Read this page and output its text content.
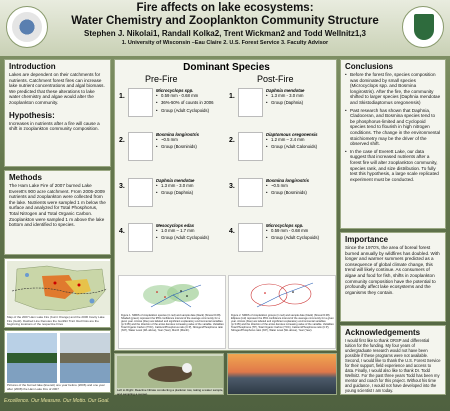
Fire affects on lake ecosystems:
Water Chemistry and Zooplankton Community Structure
Stephen J. Nikolai1, Randall Kolka2, Trent Wickman2 and Todd Wellnitz1,3
1. University of Wisconsin –Eau Claire 2. U.S. Forest Service 3. Faculty Advisor
Introduction
Lakes are dependent on their catchments for nutrients. Catchment forest fires can increase lake nutrient concentrations and algal biomass. We predicted that these alterations to lake water chemistry and algae would alter the zooplankton community.
Hypothesis:
Increases in nutrients after a fire will cause a shift in zooplankton community composition.
Methods
The Ham Lake Fire of 2007 burned Lake Everett's 900 acre catchment. From 2005-2009 nutrients and zooplankton were collected from the lake. Nutrients were sampled 1 m below the surface and analyzed for Total Phosphorus, Total Nitrogen and Total Organic Carbon. Zooplankton were sampled 1 m above the lake bottom and identified to species.
Map of the 2007 Ham Lake Fire (burnt Orange) and the 2006 Cavity Lake Fire (Gold). Dashed Line Denotes the Gunflint Trail. Red Dots are the beginning locations of the respective Fires
Pictures of the burned lake (Everett) one year before (2006) and one year after (2008) the Ham Lake Fire of 2007
Excellence. Our Measure. Our Motto. Our Goal.
Dominant Species
Pre-Fire	Post-Fire
1.
Microcyclops spp.
• 0.59 mm - 0.68 mm
• 36%-50% of counts in 2006
• Group (Adult Cyclopoids)
2.
Bosmina longirostris
• ~0.5 mm
• Group (Bosminids)
3.
Daphnia mendotae
• 1.3 mm - 3.0 mm
• Group (Daphnia)
4.
Mesocyclops edax
• 1.0 mm – 1.7 mm
• Group (Adult Cyclopoids)
1.
Daphnia mendotae
• 1.3 mm - 3.0 mm
• Group (Daphnia)
2.
Diaptomous oregonensis
• 1.2 mm – 2.4 mm
• Group (Adult Calonoids)
3.
Bosmina longirostris
• ~0.5 mm
• Group (Bosminids)
4.
Microcyclops spp.
• 0.59 mm - 0.68 mm
• Group (Adult Cyclopoids)
Figure 1. NMDS of zooplankton species (in red) and sample date (black) (Stress=0.08). Shaded (green) represent the 95% confidence interval of the average community for a given year. Arrows (blue) are labeled and significant explanatory environmental variables (p<0.05) and the direction of the arrow denotes increasing value of the variable. Variables: Total Organic Carbon (TOC), Calcium/Phosphorus ratio (C:P), Nitrogen/Phosphorus ratio (N:P), Water Level (WL above), Year (Year), Month (Month).
Figure 2. NMDS of zooplankton groups (in red) and sample date (black) (Stress=0.08). Ellipses (red) represent the 95% confidence interval of the average community for a given year. Arrows (blue) are labeled and significant explanatory environmental variables (p<0.05) and the direction of the arrow denotes increasing value of the variable. Variables: Total Phosphorus (TP), Total Organic Carbon (TOC), Calcium/Phosphorus ratio (C:P), Nitrogen/Phosphorus ratio (N:P), Water Level (WL above), Year (Year).
Left to Right: Reactive Nitrate conducting a plankton tow, taking a water sample, and sampling a sunset.
Conclusions
• Before the forest fire, species composition was dominated by small species (Microcyclops spp. and Bosmina longirostris). After the fire, the community shifted to larger species (Daphnia mendotae and Skistodiaptomus oregonensis)
• Past research has shown that Daphnia, Cladoceran, and Bosmina species tend to be phosphorus-limited and Cyclopoid species tend to flourish in high nitrogen conditions. The change in the environmental stoichiometry may be the driver of the observed shift.
• In the case of Everett Lake, our data suggest that increased nutrients after a forest fire will alter zooplankton community, species rank, and size distribution. To fully test this hypothesis, a large scale replicated experiment must be conducted.
Importance
Since the 1970's, the area of boreal forest burned annually by wildfires has doubled. With longer and warmer summers predicted as a consequence of global climate change, this trend will likely continue. As consumers of algae and food for fish, shifts in zooplankton community composition have the potential to profoundly affect lake ecosystems and the organisms they contain.
Acknowledgements
I would first like to thank ORSP and differential tuition for the funding. My four years of undergraduate research would not have been possible if these programs were not available. Second, I would like to thank the U.S. Forest Service for their support, field experience and access to data. Finally, I would also like to thank Dr. Todd Wellnitz. For the past three years Todd has been my mentor and coach for this project. Without his time and guidance, I would not have developed into the young scientist I am today.
